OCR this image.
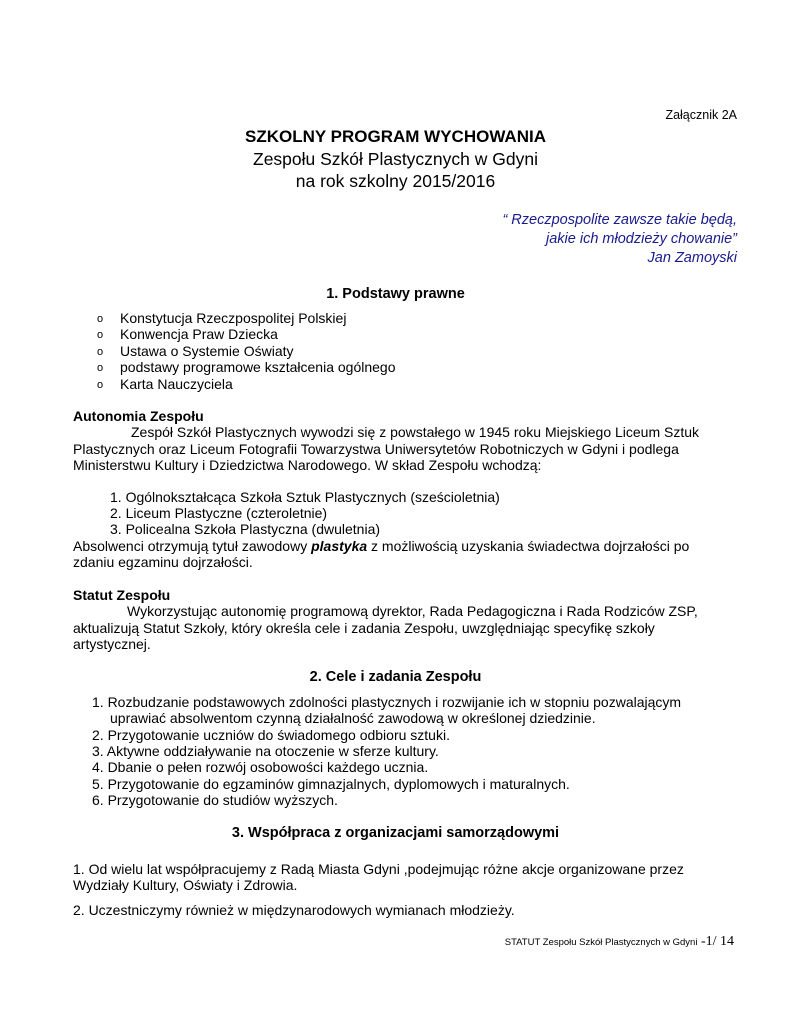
Załącznik 2A
SZKOLNY PROGRAM WYCHOWANIA
Zespołu Szkół Plastycznych w Gdyni
na rok szkolny 2015/2016
“ Rzeczpospolite zawsze takie będą,
jakie ich młodzieży chowanie”
Jan Zamoyski
1. Podstawy prawne
o Konstytucja Rzeczpospolitej Polskiej
o Konwencja Praw Dziecka
o Ustawa o Systemie Oświaty
o podstawy programowe kształcenia ogólnego
o Karta Nauczyciela
Autonomia Zespołu
Zespół Szkół Plastycznych wywodzi się z powstałego w 1945 roku Miejskiego Liceum Sztuk
Plastycznych oraz Liceum Fotografii Towarzystwa Uniwersytetów Robotniczych w Gdyni i podlega
Ministerstwu Kultury i Dziedzictwa Narodowego. W skład Zespołu wchodzą:
1. Ogólnokształcąca Szkoła Sztuk Plastycznych (sześcioletnia)
2. Liceum Plastyczne (czteroletnie)
3. Policealna Szkoła Plastyczna (dwuletnia)
Absolwenci otrzymują tytuł zawodowy plastyka z możliwością uzyskania świadectwa dojrzałości po
zdaniu egzaminu dojrzałości.
Statut Zespołu
Wykorzystując autonomię programową dyrektor, Rada Pedagogiczna i Rada Rodziców ZSP,
aktualizują Statut Szkoły, który określa cele i zadania Zespołu, uwzględniając specyfikę szkoły
artystycznej.
2. Cele i zadania Zespołu
1. Rozbudzanie podstawowych zdolności plastycznych i rozwijanie ich w stopniu pozwalającym
uprawiać absolwentom czynną działalność zawodową w określonej dziedzinie.
2. Przygotowanie uczniów do świadomego odbioru sztuki.
3. Aktywne oddziaływanie na otoczenie w sferze kultury.
4. Dbanie o pełen rozwój osobowości każdego ucznia.
5. Przygotowanie do egzaminów gimnazjalnych, dyplomowych i maturalnych.
6. Przygotowanie do studiów wyższych.
3. Współpraca z organizacjami samorządowymi
1. Od wielu lat współpracujemy z Radą Miasta Gdyni ,podejmując różne akcje organizowane przez
Wydziały Kultury, Oświaty i Zdrowia.
2. Uczestniczymy również w międzynarodowych wymianach młodzieży.
STATUT Zespołu Szkół Plastycznych w Gdyni -1/ 14
